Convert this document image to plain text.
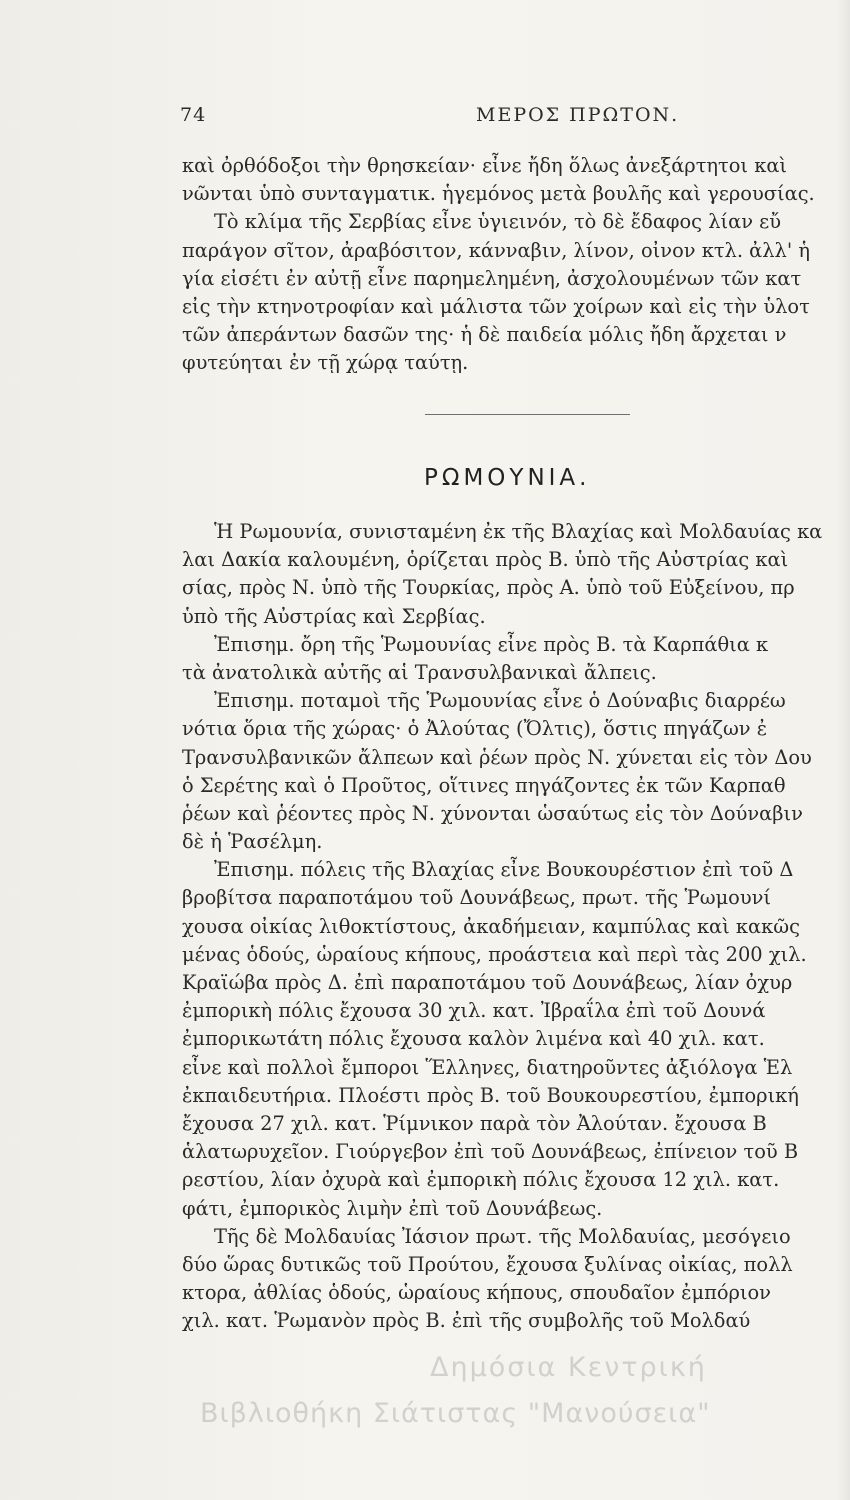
74	ΜΕΡΟΣ ΠΡΩΤΟΝ.
καὶ ὀρθόδοξοι τὴν θρησκείαν· εἶνε ἤδη ὅλως ἀνεξάρτητοι καὶ
νῶνται ὑπὸ συνταγματικ. ἡγεμόνος μετὰ βουλῆς καὶ γερουσίας.
Τὸ κλίμα τῆς Σερβίας εἶνε ὑγιεινόν, τὸ δὲ ἔδαφος λίαν εὔ
παράγον σῖτον, ἀραβόσιτον, κάνναβιν, λίνον, οἰνον κτλ. ἀλλ' ἡ
γία εἰσέτι ἐν αὐτῇ εἶνε παρημελημένη, ἀσχολουμένων τῶν κατ
εἰς τὴν κτηνοτροφίαν καὶ μάλιστα τῶν χοίρων καὶ εἰς τὴν ὑλοτ
τῶν ἀπεράντων δασῶν της· ἡ δὲ παιδεία μόλις ἤδη ἄρχεται ν
φυτεύηται ἐν τῇ χώρᾳ ταύτῃ.
ΡΩΜΟΥΝΙΑ.
Ἡ Ρωμουνία, συνισταμένη ἐκ τῆς Βλαχίας καὶ Μολδαυίας κα
λαι Δακία καλουμένη, ὁρίζεται πρὸς Β. ὑπὸ τῆς Αὐστρίας καὶ
σίας, πρὸς Ν. ὑπὸ τῆς Τουρκίας, πρὸς Α. ὑπὸ τοῦ Εὐξείνου, πρ
ὑπὸ τῆς Αὐστρίας καὶ Σερβίας.
Ἐπισημ. ὄρη τῆς Ῥωμουνίας εἶνε πρὸς Β. τὰ Καρπάθια κ
τὰ ἀνατολικὰ αὐτῆς αἱ Τρανσυλβανικαὶ ἄλπεις.
Ἐπισημ. ποταμοὶ τῆς Ῥωμουνίας εἶνε ὁ Δούναβις διαρρέω
νότια ὅρια τῆς χώρας· ὁ Ἀλούτας (Ὄλτις), ὅστις πηγάζων ἐ
Τρανσυλβανικῶν ἄλπεων καὶ ῥέων πρὸς Ν. χύνεται εἰς τὸν Δου
ὁ Σερέτης καὶ ὁ Προῦτος, οἵτινες πηγάζοντες ἐκ τῶν Καρπαθ
ῥέων καὶ ῥέοντες πρὸς Ν. χύνονται ὡσαύτως εἰς τὸν Δούναβιν
δὲ ἡ Ῥασέλμη.
Ἐπισημ. πόλεις τῆς Βλαχίας εἶνε Βουκουρέστιον ἐπὶ τοῦ Δ
βροβίτσα παραποτάμου τοῦ Δουνάβεως, πρωτ. τῆς Ῥωμουνί
χουσα οἰκίας λιθοκτίστους, ἀκαδήμειαν, καμπύλας καὶ κακῶς
μένας ὁδούς, ὡραίους κήπους, προάστεια καὶ περὶ τὰς 200 χιλ.
Κραϊώβα πρὸς Δ. ἐπὶ παραποτάμου τοῦ Δουνάβεως, λίαν ὀχυρ
ἐμπορικὴ πόλις ἔχουσα 30 χιλ. κατ. Ἰβραΐλα ἐπὶ τοῦ Δουνά
ἐμπορικωτάτη πόλις ἔχουσα καλὸν λιμένα καὶ 40 χιλ. κατ.
εἶνε καὶ πολλοὶ ἔμποροι Ἕλληνες, διατηροῦντες ἀξιόλογα Ἑλ
ἐκπαιδευτήρια. Πλοέστι πρὸς Β. τοῦ Βουκουρεστίου, ἐμπορική
ἔχουσα 27 χιλ. κατ. Ῥίμνικον παρὰ τὸν Ἀλούταν. ἔχουσα Β
ἁλατωρυχεῖον. Γιούργεβον ἐπὶ τοῦ Δουνάβεως, ἐπίνειον τοῦ Β
ρεστίου, λίαν ὀχυρὰ καὶ ἐμπορικὴ πόλις ἔχουσα 12 χιλ. κατ.
φάτι, ἐμπορικὸς λιμὴν ἐπὶ τοῦ Δουνάβεως.
Τῆς δὲ Μολδαυίας Ἰάσιον πρωτ. τῆς Μολδαυίας, μεσόγειο
δύο ὥρας δυτικῶς τοῦ Προύτου, ἔχουσα ξυλίνας οἰκίας, πολλ
κτορα, ἀθλίας ὁδούς, ὡραίους κήπους, σπουδαῖον ἐμπόριον
χιλ. κατ. Ῥωμανὸν πρὸς Β. ἐπὶ τῆς συμβολῆς τοῦ Μολδαύ
Δημόσια Κεντρική
Βιβλιοθήκη Σιάτιστας "Μανούσεια"
